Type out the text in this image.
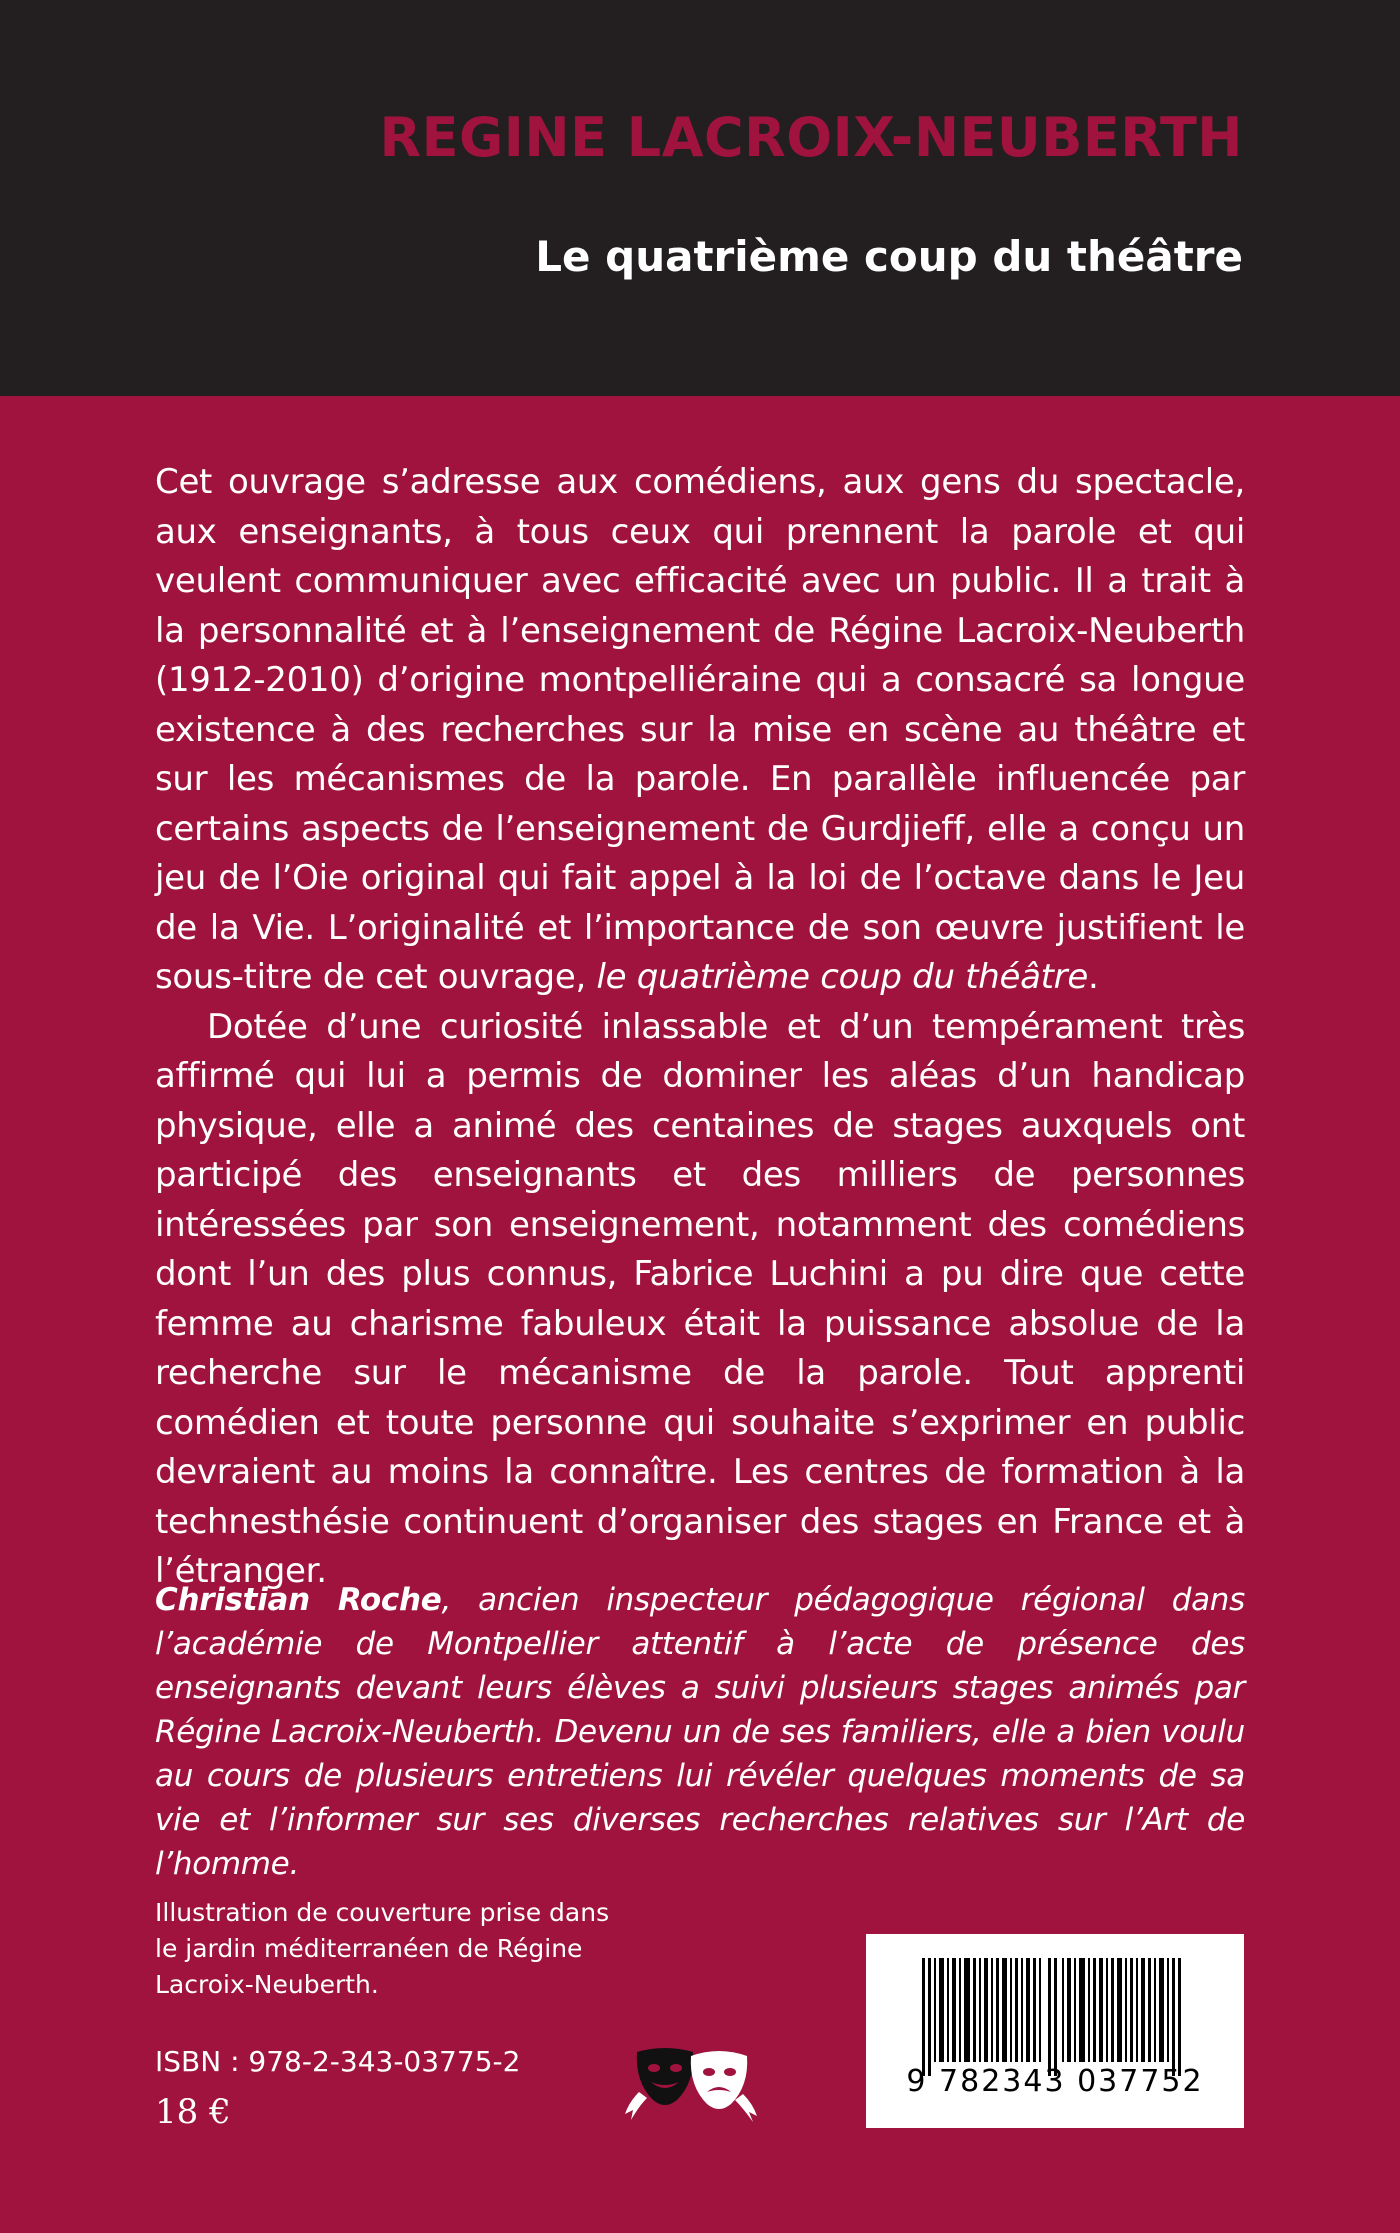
REGINE LACROIX-NEUBERTH
Le quatrième coup du théâtre

Cet ouvrage s’adresse aux comédiens, aux gens du spectacle, aux enseignants, à tous ceux qui prennent la parole et qui veulent communiquer avec efficacité avec un public. Il a trait à la personnalité et à l’enseignement de Régine Lacroix-Neuberth (1912-2010) d’origine montpelliéraine qui a consacré sa longue existence à des recherches sur la mise en scène au théâtre et sur les mécanismes de la parole. En parallèle influencée par certains aspects de l’enseignement de Gurdjieff, elle a conçu un jeu de l’Oie original qui fait appel à la loi de l’octave dans le Jeu de la Vie. L’originalité et l’importance de son œuvre justifient le sous-titre de cet ouvrage, le quatrième coup du théâtre.

Dotée d’une curiosité inlassable et d’un tempérament très affirmé qui lui a permis de dominer les aléas d’un handicap physique, elle a animé des centaines de stages auxquels ont participé des enseignants et des milliers de personnes intéressées par son enseignement, notamment des comédiens dont l’un des plus connus, Fabrice Luchini a pu dire que cette femme au charisme fabuleux était la puissance absolue de la recherche sur le mécanisme de la parole. Tout apprenti comédien et toute personne qui souhaite s’exprimer en public devraient au moins la connaître. Les centres de formation à la technesthésie continuent d’organiser des stages en France et à l’étranger.

Christian Roche, ancien inspecteur pédagogique régional dans l’académie de Montpellier attentif à l’acte de présence des enseignants devant leurs élèves a suivi plusieurs stages animés par Régine Lacroix-Neuberth. Devenu un de ses familiers, elle a bien voulu au cours de plusieurs entretiens lui révéler quelques moments de sa vie et l’informer sur ses diverses recherches relatives sur l’Art de l’homme.

Illustration de couverture prise dans le jardin méditerranéen de Régine Lacroix-Neuberth.

ISBN : 978-2-343-03775-2

18 €

9 782343 037752
